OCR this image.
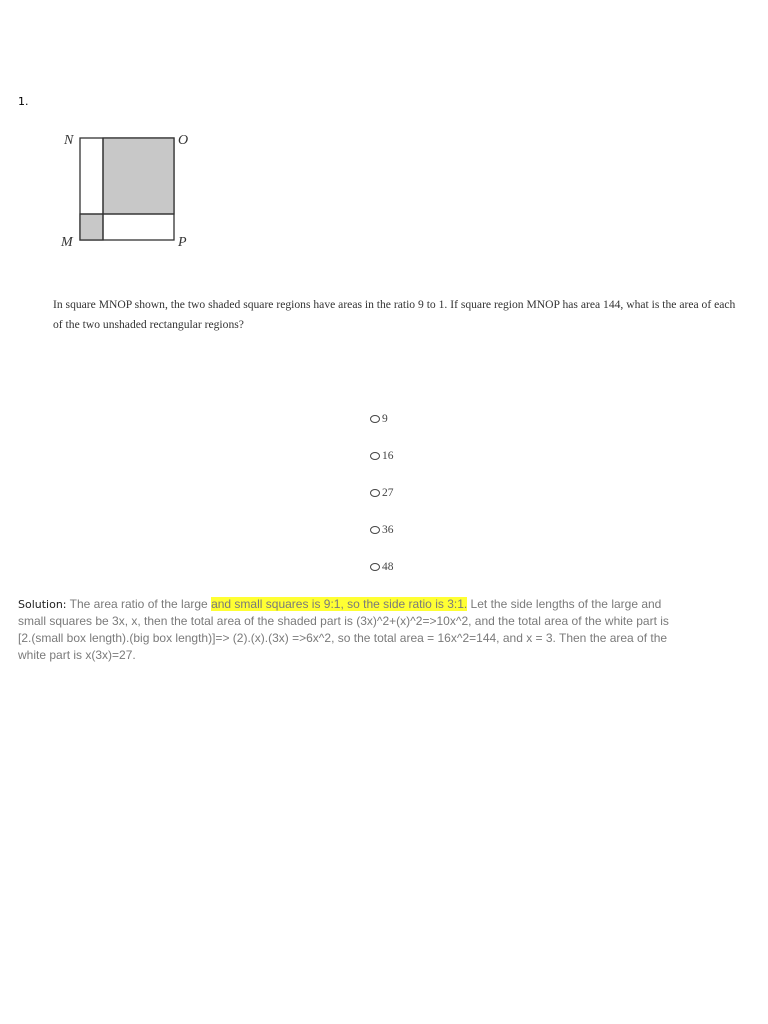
1.
N	O
M	P
In square MNOP shown, the two shaded square regions have areas in the ratio 9 to 1. If square region MNOP has area 144, what is the area of each of the two unshaded rectangular regions?
9
16
27
36
48
Solution: The area ratio of the large and small squares is 9:1, so the side ratio is 3:1. Let the side lengths of the large and small squares be 3x, x, then the total area of the shaded part is (3x)^2+(x)^2=>10x^2, and the total area of the white part is [2.(small box length).(big box length)]=> (2).(x).(3x) =>6x^2, so the total area = 16x^2=144, and x = 3. Then the area of the white part is x(3x)=27.
